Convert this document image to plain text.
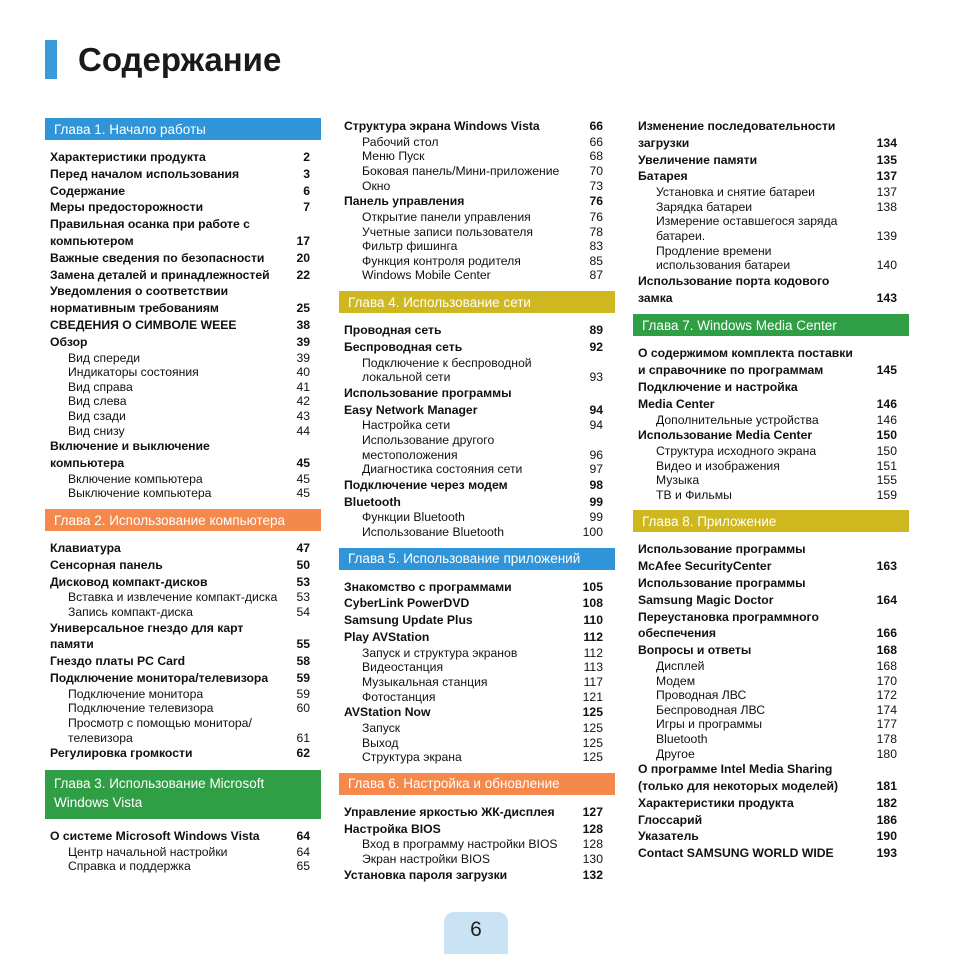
Содержание
Глава 1. Начало работы
Характеристики продукта	2
Перед началом использования	3
Содержание	6
Меры предосторожности	7
Правильная осанка при работе с
компьютером	17
Важные сведения по безопасности	20
Замена деталей и принадлежностей 22
Уведомления о соответствии
нормативным требованиям	25
СВЕДЕНИЯ О СИМВОЛЕ WEEE	38
Обзор	39
Вид спереди	39
Индикаторы состояния	40
Вид справа	41
Вид слева	42
Вид сзади	43
Вид снизу	44
Включение и выключение
компьютера	45
Включение компьютера	45
Выключение компьютера	45
Глава 2. Использование компьютера
Клавиатура	47
Сенсорная панель	50
Дисковод компакт-дисков	53
Вставка и извлечение компакт-диска 53
Запись компакт-диска	54
Универсальное гнездо для карт
памяти	55
Гнездо платы PC Card	58
Подключение монитора/телевизора 59
Подключение монитора	59
Подключение телевизора	60
Просмотр с помощью монитора/
телевизора	61
Регулировка громкости	62
Глава 3. Использование Microsoft
Windows Vista
О системе Microsoft Windows Vista	64
Центр начальной настройки	64
Справка и поддержка	65
Структура экрана Windows Vista	66
Рабочий стол	66
Меню Пуск	68
Боковая панель/Мини-приложение 70
Окно	73
Панель управления	76
Открытие панели управления	76
Учетные записи пользователя	78
Фильтр фишинга	83
Функция контроля родителя	85
Windows Mobile Center	87
Глава 4. Использование сети
Проводная сеть	89
Беспроводная сеть	92
Подключение к беспроводной
локальной сети	93
Использование программы
Easy Network Manager	94
Настройка сети	94
Использование другого
местоположения	96
Диагностика состояния сети	97
Подключение через модем	98
Bluetooth	99
Функции Bluetooth	99
Использование Bluetooth	100
Глава 5. Использование приложений
Знакомство с программами	105
CyberLink PowerDVD	108
Samsung Update Plus	110
Play AVStation	112
Запуск и структура экранов	112
Видеостанция	113
Музыкальная станция	117
Фотостанция	121
AVStation Now	125
Запуск	125
Выход	125
Структура экрана	125
Глава 6. Настройка и обновление
Управление яркостью ЖК-дисплея 127
Настройка BIOS	128
Вход в программу настройки BIOS 128
Экран настройки BIOS	130
Установка пароля загрузки	132
Изменение последовательности
загрузки	134
Увеличение памяти	135
Батарея	137
Установка и снятие батареи	137
Зарядка батареи	138
Измерение оставшегося заряда
батареи.	139
Продление времени
использования батареи	140
Использование порта кодового
замка	143
Глава 7. Windows Media Center
О содержимом комплекта поставки
и справочнике по программам	145
Подключение и настройка
Media Center	146
Дополнительные устройства	146
Использование Media Center	150
Структура исходного экрана	150
Видео и изображения	151
Музыка	155
ТВ и Фильмы	159
Глава 8. Приложение
Использование программы
McAfee SecurityCenter	163
Использование программы
Samsung Magic Doctor	164
Переустановка программного
обеспечения	166
Вопросы и ответы	168
Дисплей	168
Модем	170
Проводная ЛВС	172
Беспроводная ЛВС	174
Игры и программы	177
Bluetooth	178
Другое	180
О программе Intel Media Sharing
(только для некоторых моделей)	181
Характеристики продукта	182
Глоссарий	186
Указатель	190
Contact SAMSUNG WORLD WIDE	193
6
